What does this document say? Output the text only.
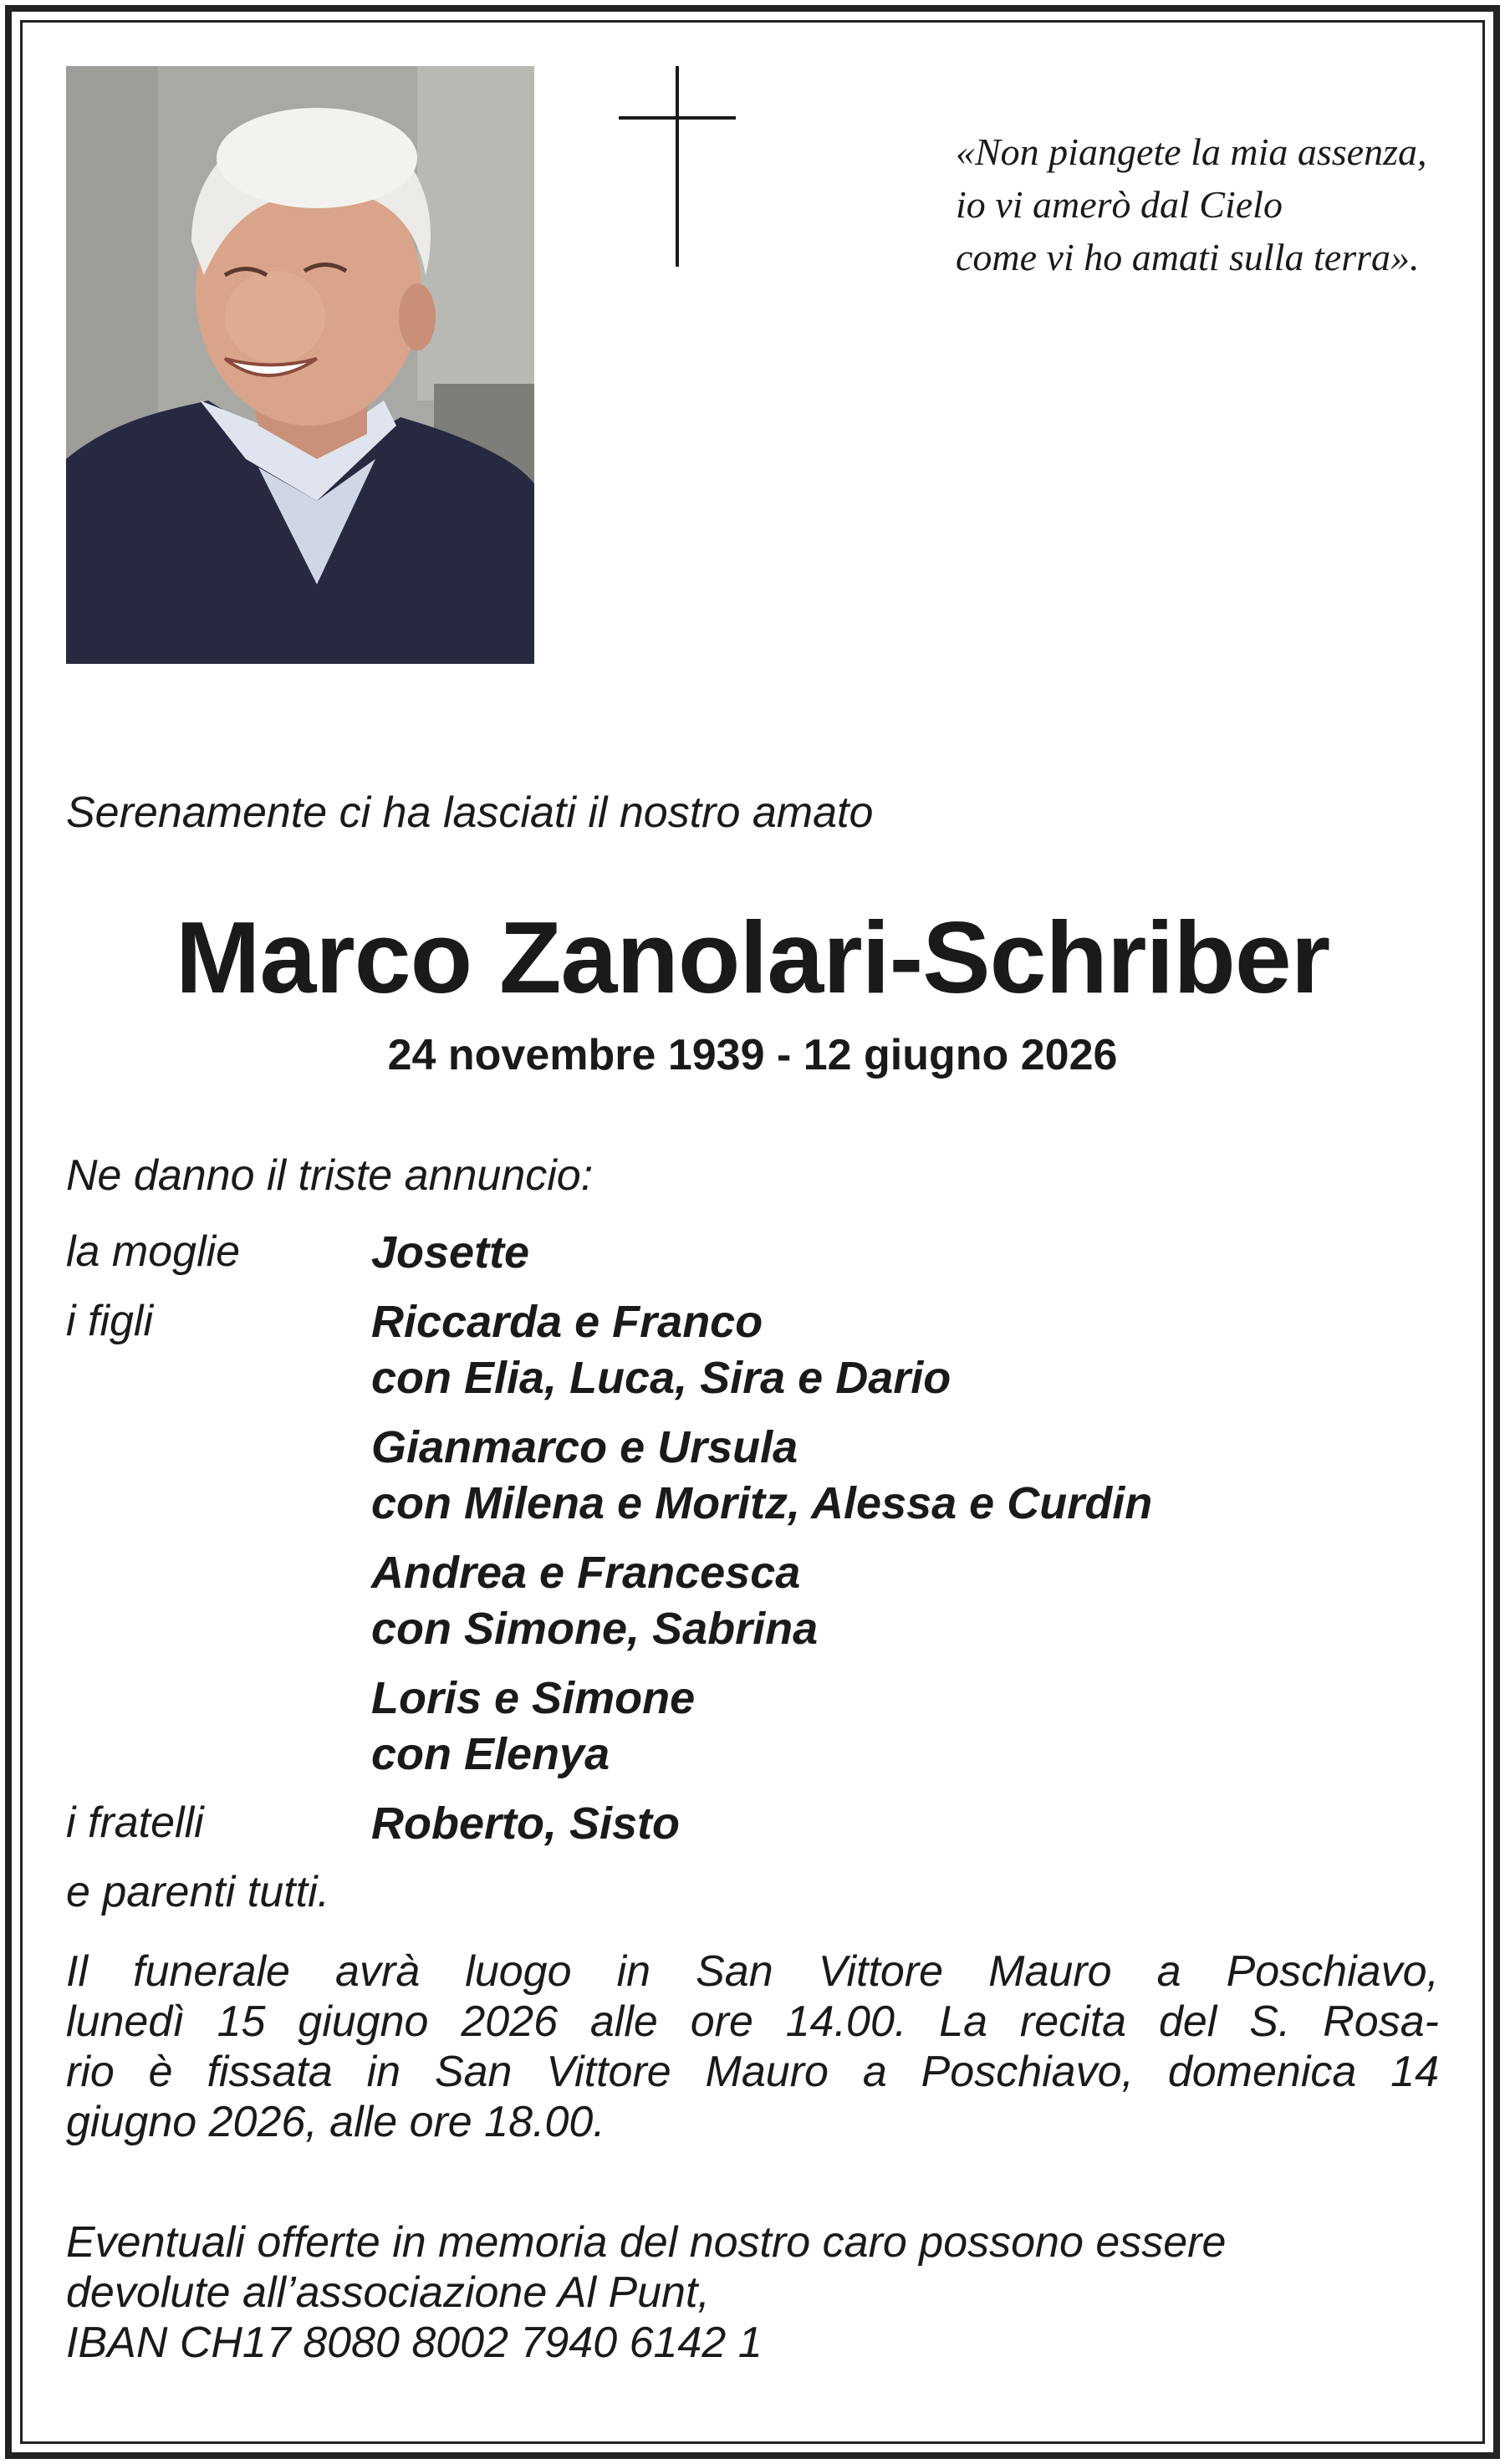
«Non piangete la mia assenza,
io vi amerò dal Cielo
come vi ho amati sulla terra».
Serenamente ci ha lasciati il nostro amato
Marco Zanolari-Schriber
24 novembre 1939 - 12 giugno 2026
Ne danno il triste annuncio:
la moglie	Josette
i figli	Riccarda e Franco
con Elia, Luca, Sira e Dario
Gianmarco e Ursula
con Milena e Moritz, Alessa e Curdin
Andrea e Francesca
con Simone, Sabrina
Loris e Simone
con Elenya
i fratelli	Roberto, Sisto
e parenti tutti.
Il funerale avrà luogo in San Vittore Mauro a Poschiavo,
lunedì 15 giugno 2026 alle ore 14.00. La recita del S. Rosa-
rio è fissata in San Vittore Mauro a Poschiavo, domenica 14
giugno 2026, alle ore 18.00.
Eventuali offerte in memoria del nostro caro possono essere
devolute all’associazione Al Punt,
IBAN CH17 8080 8002 7940 6142 1
